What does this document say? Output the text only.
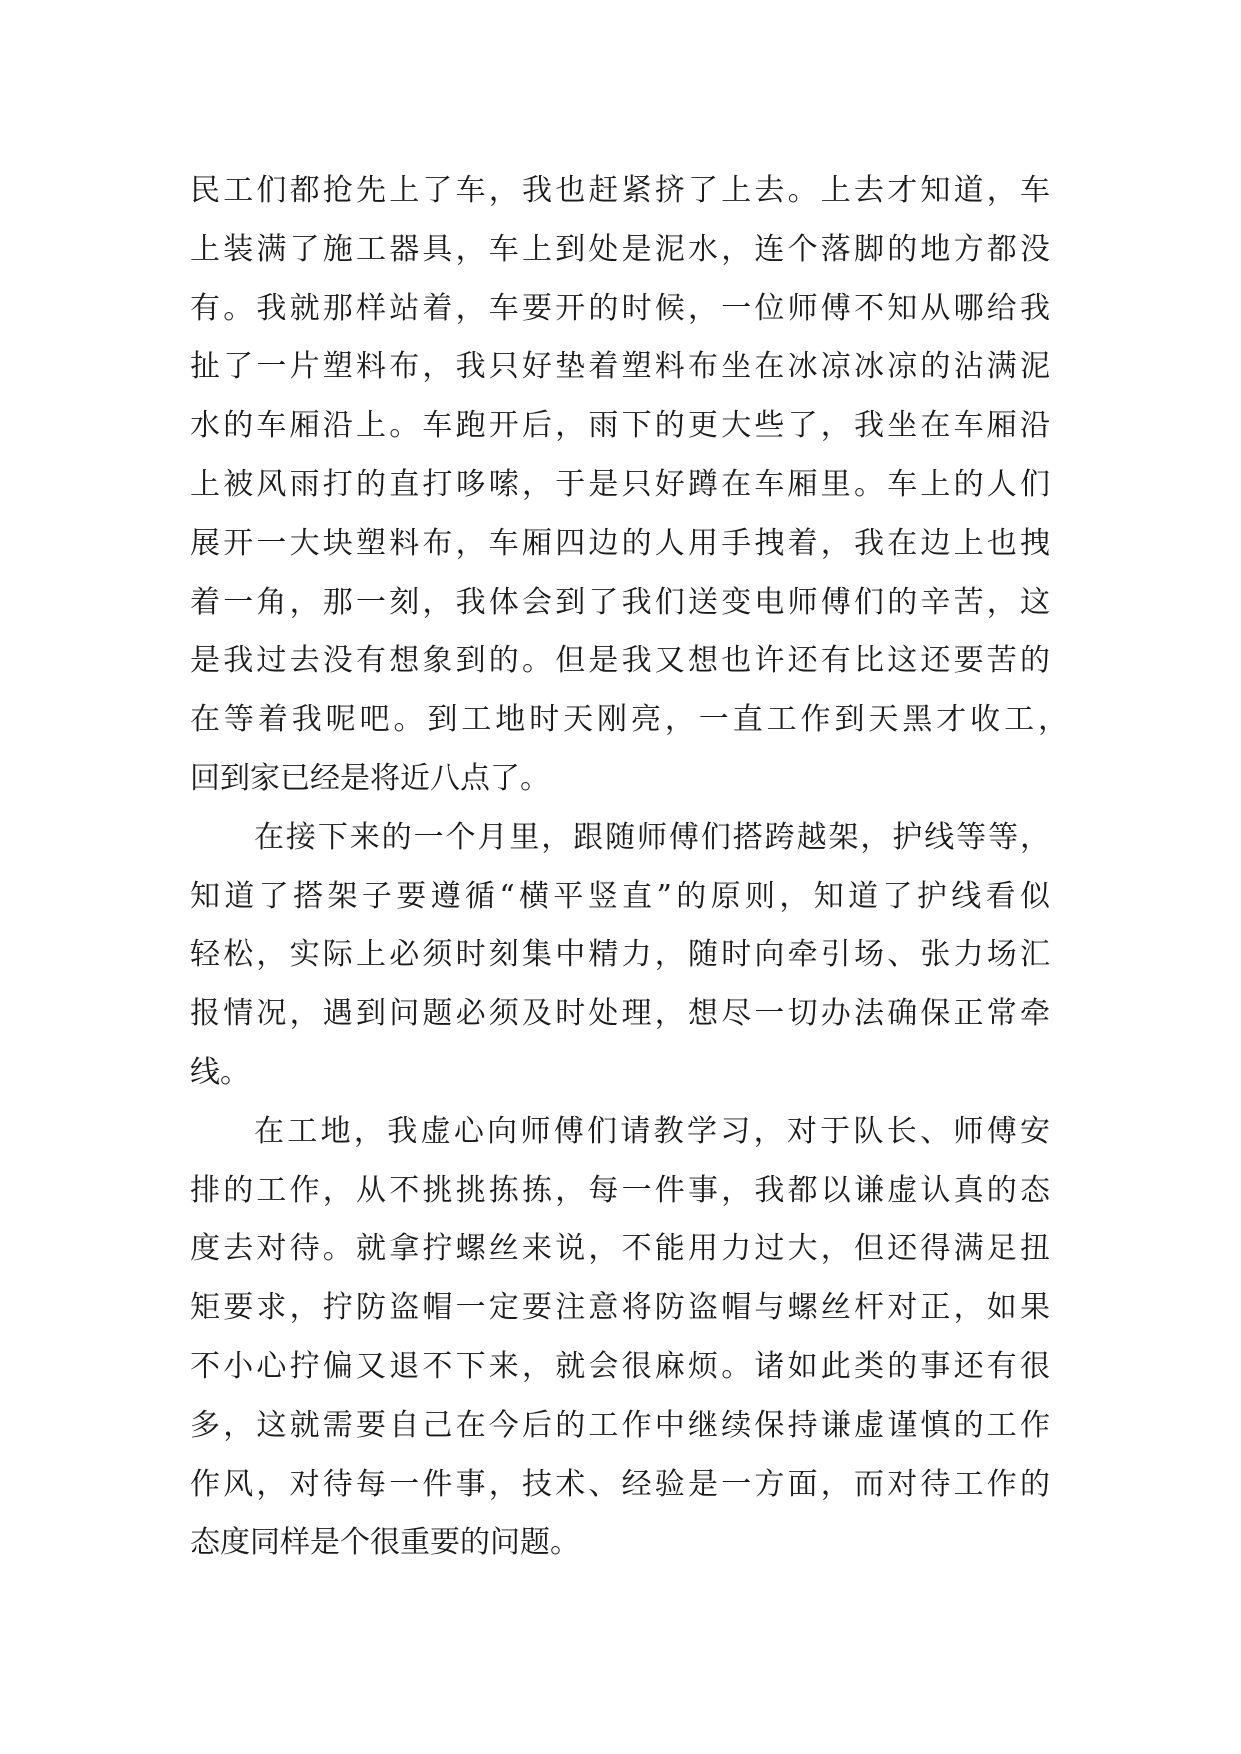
民工们都抢先上了车，我也赶紧挤了上去。上去才知道，车
上装满了施工器具，车上到处是泥水，连个落脚的地方都没
有。我就那样站着，车要开的时候，一位师傅不知从哪给我
扯了一片塑料布，我只好垫着塑料布坐在冰凉冰凉的沾满泥
水的车厢沿上。车跑开后，雨下的更大些了，我坐在车厢沿
上被风雨打的直打哆嗦，于是只好蹲在车厢里。车上的人们
展开一大块塑料布，车厢四边的人用手拽着，我在边上也拽
着一角，那一刻，我体会到了我们送变电师傅们的辛苦，这
是我过去没有想象到的。但是我又想也许还有比这还要苦的
在等着我呢吧。到工地时天刚亮，一直工作到天黑才收工，
回到家已经是将近八点了。
在接下来的一个月里，跟随师傅们搭跨越架，护线等等，
知道了搭架子要遵循“横平竖直”的原则，知道了护线看似
轻松，实际上必须时刻集中精力，随时向牵引场、张力场汇
报情况，遇到问题必须及时处理，想尽一切办法确保正常牵
线。
在工地，我虚心向师傅们请教学习，对于队长、师傅安
排的工作，从不挑挑拣拣，每一件事，我都以谦虚认真的态
度去对待。就拿拧螺丝来说，不能用力过大，但还得满足扭
矩要求，拧防盗帽一定要注意将防盗帽与螺丝杆对正，如果
不小心拧偏又退不下来，就会很麻烦。诸如此类的事还有很
多，这就需要自己在今后的工作中继续保持谦虚谨慎的工作
作风，对待每一件事，技术、经验是一方面，而对待工作的
态度同样是个很重要的问题。
